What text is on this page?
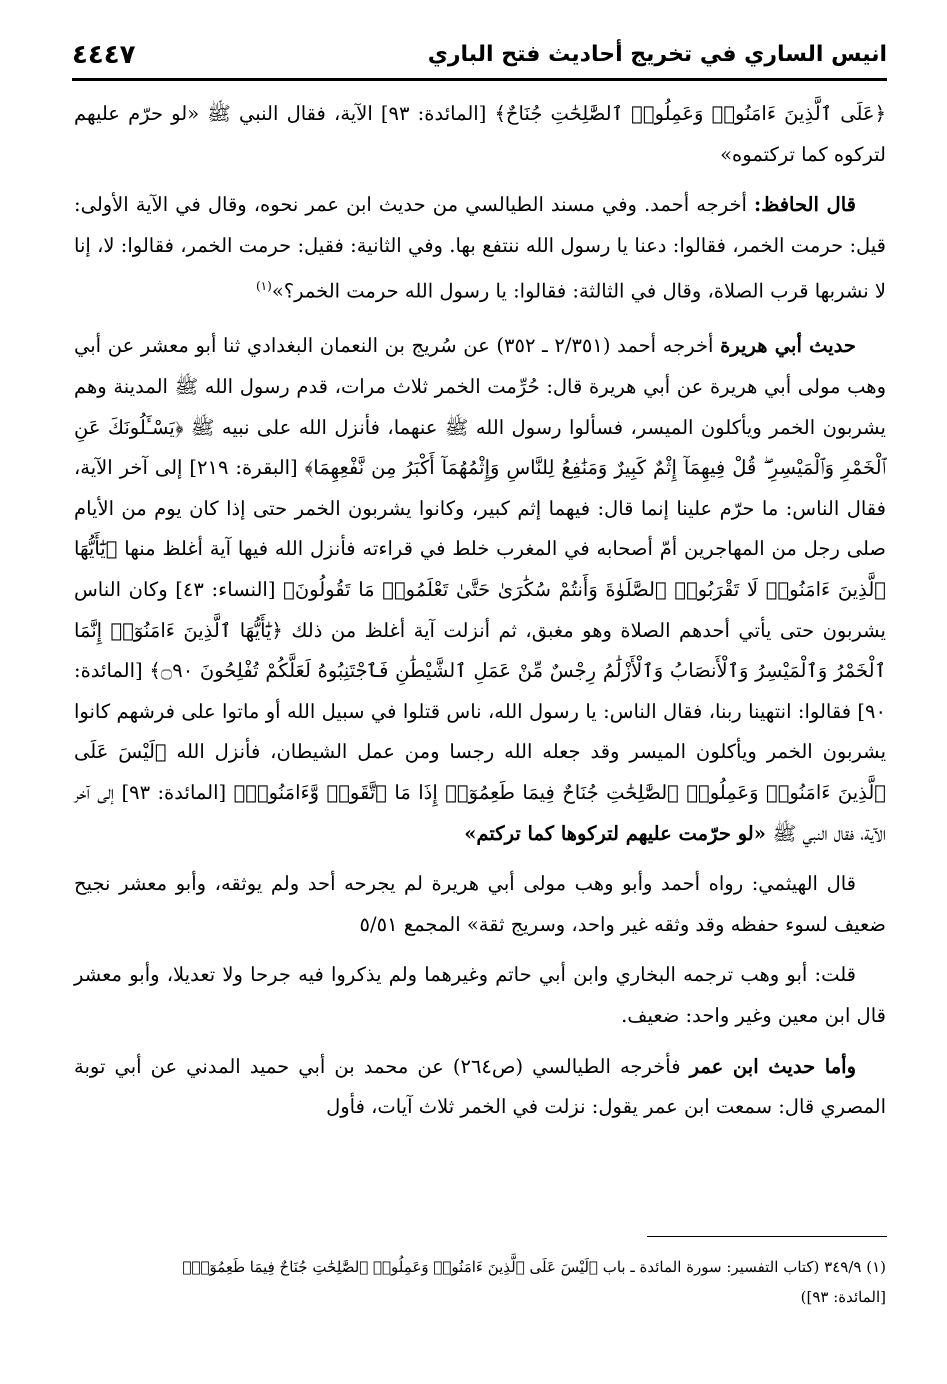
انيس الساري في تخريج أحاديث فتح الباري
٤٤٤٧

﴿عَلَى ٱلَّذِينَ ءَامَنُوا۟ وَعَمِلُوا۟ ٱلصَّٰلِحَٰتِ جُنَاحٌ﴾ [المائدة: ٩٣] الآية، فقال النبي ﷺ «لو حرّم عليهم لتركوه كما تركتموه»

قال الحافظ: أخرجه أحمد. وفي مسند الطيالسي من حديث ابن عمر نحوه، وقال في الآية الأولى: قيل: حرمت الخمر، فقالوا: دعنا يا رسول الله ننتفع بها. وفي الثانية: فقيل: حرمت الخمر، فقالوا: لا، إنا لا نشربها قرب الصلاة، وقال في الثالثة: فقالوا: يا رسول الله حرمت الخمر؟»$^{(١)}$

حديث أبي هريرة أخرجه أحمد (٢/٣٥١ ـ ٣٥٢) عن سُريج بن النعمان البغدادي ثنا أبو معشر عن أبي وهب مولى أبي هريرة عن أبي هريرة قال: حُرِّمت الخمر ثلاث مرات، قدم رسول الله ﷺ المدينة وهم يشربون الخمر ويأكلون الميسر، فسألوا رسول الله ﷺ عنهما، فأنزل الله على نبيه ﷺ ﴿يَسْـَٔلُونَكَ عَنِ ٱلْخَمْرِ وَٱلْمَيْسِرِ ۖ قُلْ فِيهِمَآ إِثْمٌ كَبِيرٌ وَمَنَٰفِعُ لِلنَّاسِ وَإِثْمُهُمَآ أَكْبَرُ مِن نَّفْعِهِمَا﴾ [البقرة: ٢١٩] إلى آخر الآية، فقال الناس: ما حرّم علينا إنما قال: فيهما إثم كبير، وكانوا يشربون الخمر حتى إذا كان يوم من الأيام صلى رجل من المهاجرين أمّ أصحابه في المغرب خلط في قراءته فأنزل الله فيها آية أغلظ منها ﴿يَٰٓأَيُّهَا ٱلَّذِينَ ءَامَنُوا۟ لَا تَقْرَبُوا۟ ٱلصَّلَوٰةَ وَأَنتُمْ سُكَٰرَىٰ حَتَّىٰ تَعْلَمُوا۟ مَا تَقُولُونَ﴾ [النساء: ٤٣] وكان الناس يشربون حتى يأتي أحدهم الصلاة وهو مغبق، ثم أنزلت آية أغلظ من ذلك ﴿يَٰٓأَيُّهَا ٱلَّذِينَ ءَامَنُوٓا۟ إِنَّمَا ٱلْخَمْرُ وَٱلْمَيْسِرُ وَٱلْأَنصَابُ وَٱلْأَزْلَٰمُ رِجْسٌ مِّنْ عَمَلِ ٱلشَّيْطَٰنِ فَٱجْتَنِبُوهُ لَعَلَّكُمْ تُفْلِحُونَ ۝٩٠﴾ [المائدة: ٩٠] فقالوا: انتهينا ربنا، فقال الناس: يا رسول الله، ناس قتلوا في سبيل الله أو ماتوا على فرشهم كانوا يشربون الخمر ويأكلون الميسر وقد جعله الله رجسا ومن عمل الشيطان، فأنزل الله ﴿لَيْسَ عَلَى ٱلَّذِينَ ءَامَنُوا۟ وَعَمِلُوا۟ ٱلصَّٰلِحَٰتِ جُنَاحٌ فِيمَا طَعِمُوٓا۟ إِذَا مَا ٱتَّقَوا۟ وَّءَامَنُوا۟﴾ [المائدة: ٩٣] إلى آخر الآية، فقال النبي ﷺ «لو حرّمت عليهم لتركوها كما تركتم»

قال الهيثمي: رواه أحمد وأبو وهب مولى أبي هريرة لم يجرحه أحد ولم يوثقه، وأبو معشر نجيح ضعيف لسوء حفظه وقد وثقه غير واحد، وسريج ثقة» المجمع ٥/٥١

قلت: أبو وهب ترجمه البخاري وابن أبي حاتم وغيرهما ولم يذكروا فيه جرحا ولا تعديلا، وأبو معشر قال ابن معين وغير واحد: ضعيف.

وأما حديث ابن عمر فأخرجه الطيالسي (ص٢٦٤) عن محمد بن أبي حميد المدني عن أبي توبة المصري قال: سمعت ابن عمر يقول: نزلت في الخمر ثلاث آيات، فأول

(١) ٣٤٩/٩ (كتاب التفسير: سورة المائدة ـ باب ﴿لَيْسَ عَلَى ٱلَّذِينَ ءَامَنُوا۟ وَعَمِلُوا۟ ٱلصَّٰلِحَٰتِ جُنَاحٌ فِيمَا طَعِمُوٓا۟﴾

[المائدة: ٩٣])
